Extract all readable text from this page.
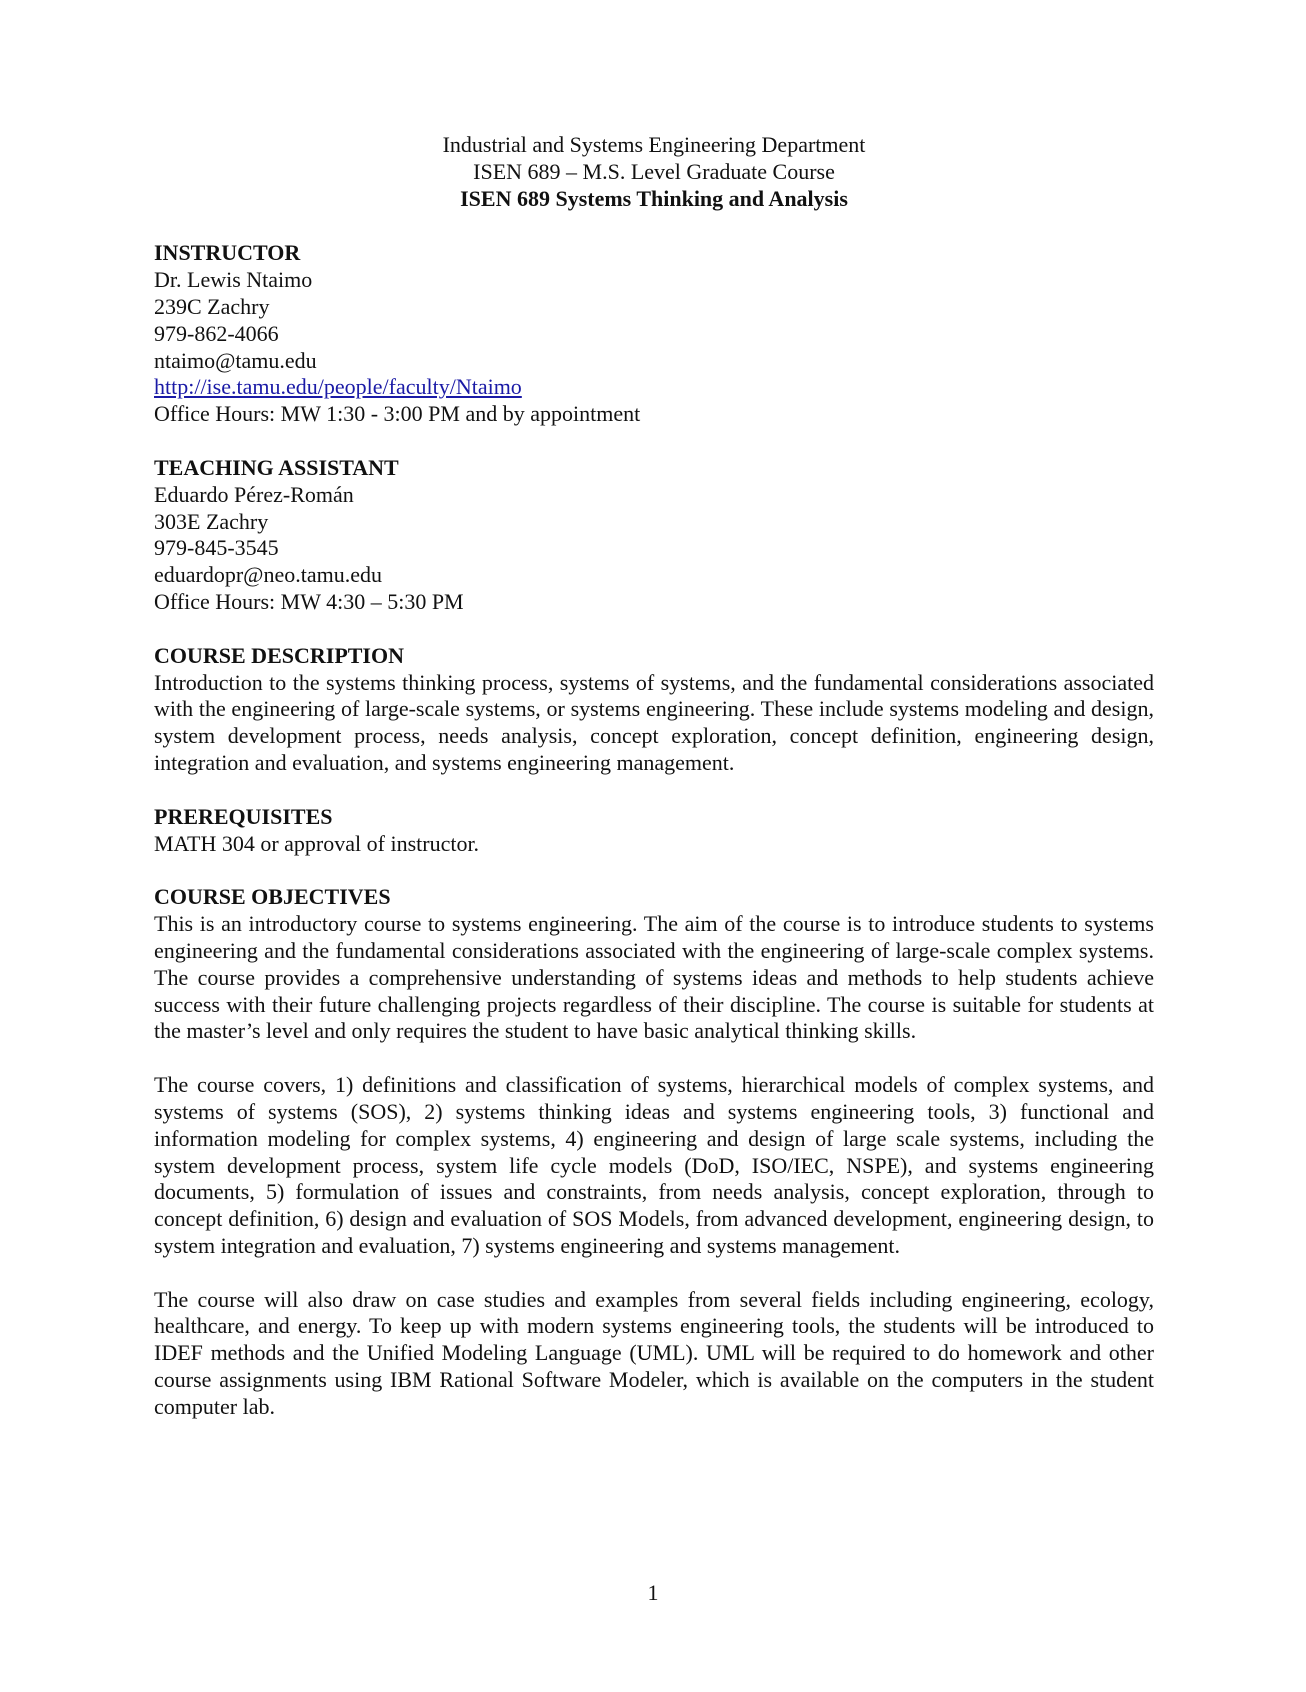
Industrial and Systems Engineering Department
ISEN 689 – M.S. Level Graduate Course
ISEN 689 Systems Thinking and Analysis
INSTRUCTOR
Dr. Lewis Ntaimo
239C Zachry
979-862-4066
ntaimo@tamu.edu
http://ise.tamu.edu/people/faculty/Ntaimo
Office Hours: MW 1:30 - 3:00 PM and by appointment
TEACHING ASSISTANT
Eduardo Pérez-Román
303E Zachry
979-845-3545
eduardopr@neo.tamu.edu
Office Hours: MW 4:30 – 5:30 PM
COURSE DESCRIPTION

Introduction to the systems thinking process, systems of systems, and the fundamental considerations associated with the engineering of large-scale systems, or systems engineering. These include systems modeling and design, system development process, needs analysis, concept exploration, concept definition, engineering design, integration and evaluation, and systems engineering management.

PREREQUISITES
MATH 304 or approval of instructor.
COURSE OBJECTIVES

This is an introductory course to systems engineering. The aim of the course is to introduce students to systems engineering and the fundamental considerations associated with the engineering of large-scale complex systems. The course provides a comprehensive understanding of systems ideas and methods to help students achieve success with their future challenging projects regardless of their discipline. The course is suitable for students at the master’s level and only requires the student to have basic analytical thinking skills.

The course covers, 1) definitions and classification of systems, hierarchical models of complex systems, and systems of systems (SOS), 2) systems thinking ideas and systems engineering tools, 3) functional and information modeling for complex systems, 4) engineering and design of large scale systems, including the system development process, system life cycle models (DoD, ISO/IEC, NSPE), and systems engineering documents, 5) formulation of issues and constraints, from needs analysis, concept exploration, through to concept definition, 6) design and evaluation of SOS Models, from advanced development, engineering design, to system integration and evaluation, 7) systems engineering and systems management.

The course will also draw on case studies and examples from several fields including engineering, ecology, healthcare, and energy. To keep up with modern systems engineering tools, the students will be introduced to IDEF methods and the Unified Modeling Language (UML). UML will be required to do homework and other course assignments using IBM Rational Software Modeler, which is available on the computers in the student computer lab.

1
